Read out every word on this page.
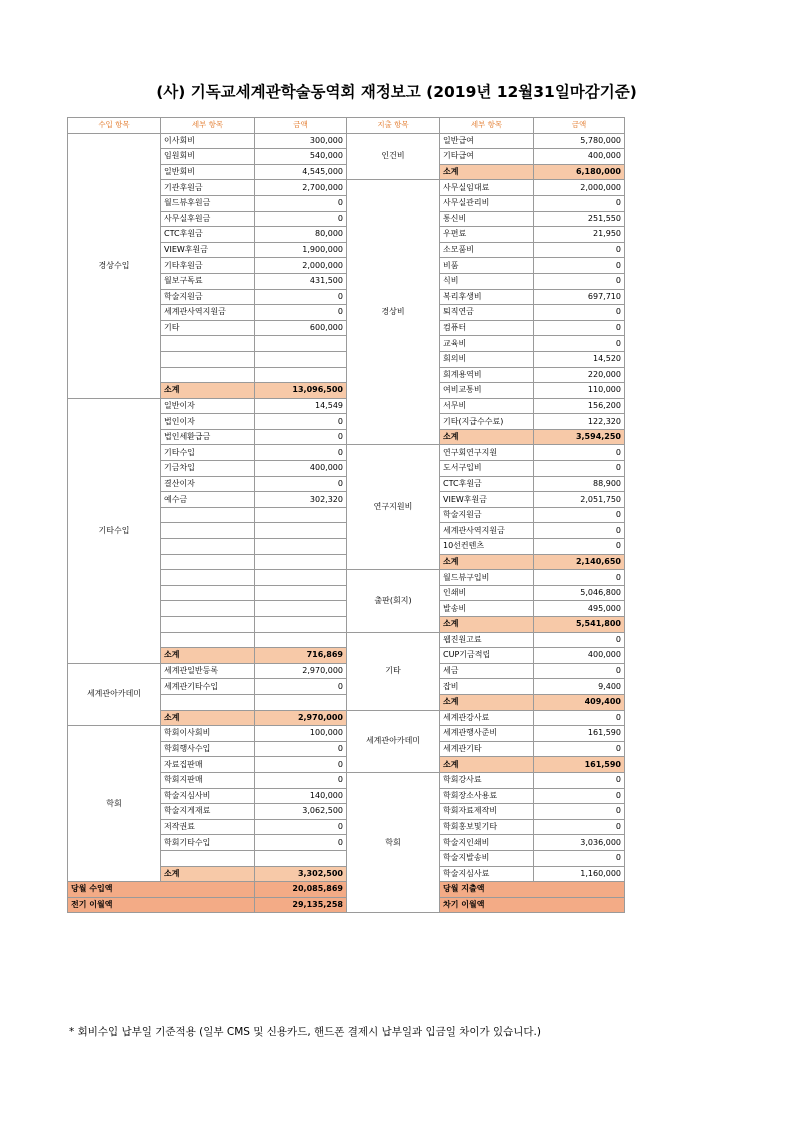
(사) 기독교세계관학술동역회 재정보고 (2019년 12월31일마감기준)
수입 항목	세부 항목	금액	지출 항목	세부 항목	금액	
경상수입	이사회비	300,000	인건비	일반급여	5,780,000	
	임원회비	540,000		기타급여	400,000	
	일반회비	4,545,000		소계	6,180,000	
	기관후원금	2,700,000	경상비	사무실임대료	2,000,000	
	월드뷰후원금	0		사무실관리비	0	
	사무실후원금	0		통신비	251,550	
	CTC후원금	80,000		우편료	21,950	
	VIEW후원금	1,900,000		소모품비	0	
	기타후원금	2,000,000		비품	0	
	월보구독료	431,500		식비	0	
	학술지원금	0		복리후생비	697,710	
	세계관사역지원금	0		퇴직연금	0	
	기타	600,000		컴퓨터	0	
				교육비	0	
				회의비	14,520	
				회계용역비	220,000	
	소계	13,096,500		여비교통비	110,000	
기타수입	일반이자	14,549		서무비	156,200	
	법인이자	0		기타(지급수수료)	122,320	
	법인세환급금	0		소계	3,594,250	
	기타수입	0	연구지원비	연구회연구지원	0	
	기금차입	400,000		도서구입비	0	
	결산이자	0		CTC후원금	88,900	
	예수금	302,320		VIEW후원금	2,051,750	
				학술지원금	0	
				세계관사역지원금	0	
				10선컨텐츠	0	
				소계	2,140,650	
			출판(회지)	월드뷰구입비	0	
				인쇄비	5,046,800	
				발송비	495,000	
				소계	5,541,800	
			기타	웹진원고료	0	
	소계	716,869		CUP기금적립	400,000	
세계관아카데미	세계관일반등록	2,970,000		세금	0	
	세계관기타수입	0		잡비	9,400	
				소계	409,400	
	소계	2,970,000	세계관아카데미	세계관강사료	0	
학회	학회이사회비	100,000		세계관행사준비	161,590	
	학회행사수입	0		세계관기타	0	
	자료집판매	0		소계	161,590	
	학회지판매	0	학회	학회강사료	0	
	학술지심사비	140,000		학회장소사용료	0	
	학술지게재료	3,062,500		학회자료제작비	0	
	저작권료	0		학회홍보및기타	0	
	학회기타수입	0		학술지인쇄비	3,036,000	
				학술지발송비	0	
	소계	3,302,500		학술지심사료	1,160,000	
당월 수입액		20,085,869		당월 지출액	
전기 이월액		29,135,258		차기 이월액	
* 회비수입 납부일 기준적용 (일부 CMS 및 신용카드, 핸드폰 결제시 납부일과 입금일 차이가 있습니다.)
